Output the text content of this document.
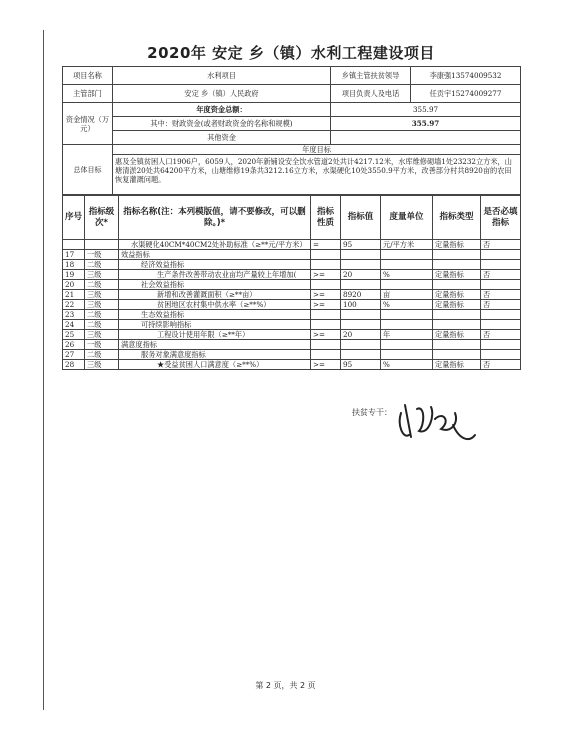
2020年 安定 乡（镇）水利工程建设项目
项目名称	水利项目	乡镇主管扶贫领导	李康强13574009532
主管部门	安定 乡（镇）人民政府	项目负责人及电话	任贡宇15274009277
资金情况（万元）	年度资金总额：	355.97	
	其中：财政资金(或者财政资金的名称和规模)	355.97	
	其他资金		
总体目标	年度目标		
	惠及全镇贫困人口1906户，6059人，2020年新铺设安全饮水管道2处共计4217.12米，水库维修砌墙1处23232立方米，山塘清淤20处共64200平方米，山塘维修19条共3212.16立方米，水渠硬化10处3550.9平方米，改善部分村共8920亩的农田恢复灌溉问题。		
序号	指标级次*	指标名称(注：本列模版值，请不要修改，可以删除。)*	指标性质	指标值	度量单位	指标类型	是否必填指标
		水渠硬化40CM*40CM2处补助标准（≥**元/平方米）	=	95	元/平方米	定量指标	否
17	一级	效益指标					
18	二级	经济效益指标					
19	三级	生产条件改善带动农业亩均产量较上年增加(	>=	20	%	定量指标	否
20	二级	社会效益指标					
21	三级	新增和改善灌溉面积（≥**亩）	>=	8920	亩	定量指标	否
22	三级	贫困地区农村集中供水率（≥**%）	>=	100	%	定量指标	否
23	二级	生态效益指标					
24	二级	可持续影响指标					
25	三级	工程设计使用年限（≥**年）	>=	20	年	定量指标	否
26	一级	满意度指标					
27	二级	服务对象满意度指标					
28	三级	★受益贫困人口满意度（≥**%）	>=	95	%	定量指标	否
扶贫专干：
第 2 页，共 2 页
